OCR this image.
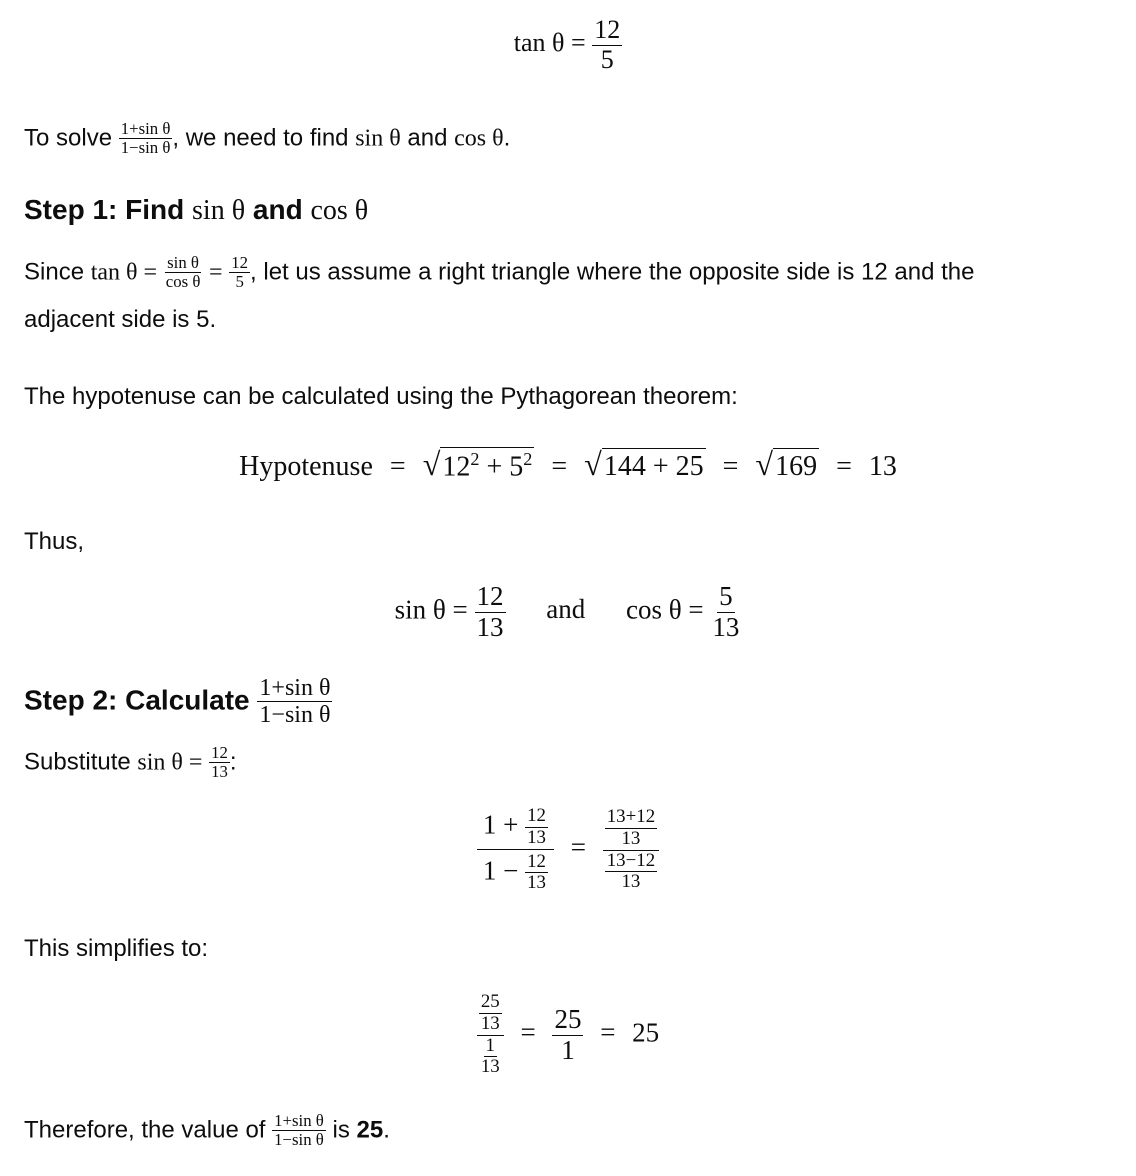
$\tan \theta = \frac{12}{5}$
To solve $\frac{\text{1+sin θ}}{\text{1−sin θ}}$ , we need to find sin θ and cos θ.
Step 1: Find sin θ and cos θ
Since $\tan \theta = \frac{\text{sin θ}}{\text{cos θ}} = \frac{12}{5}$ , let us assume a right triangle where the opposite side is 12 and the
adjacent side is 5.
The hypotenuse can be calculated using the Pythagorean theorem:
Hypotenuse = $√12^2 + 5^2 = √144 + 25 = √169 = 13$
Thus,
$\sin \theta = \frac{12}{13}$ and $\cos \theta = \frac{5}{13}$
Step 2: Calculate $\frac{\text{1+sin θ}}{\text{1−sin θ}}$
Substitute $\sin \theta = \frac{12}{13}$ :
$\frac{1 + \frac{12}{13}}{1 - \frac{12}{13}} = \frac{\frac{13+12}{13}}{\frac{13-12}{13}}$
This simplifies to:
$\frac{\frac{25}{13}}{\frac{1}{13}} = \frac{25}{1} = 25$
Therefore, the value of $\frac{\text{1+sin θ}}{\text{1−sin θ}}$ is 25.
